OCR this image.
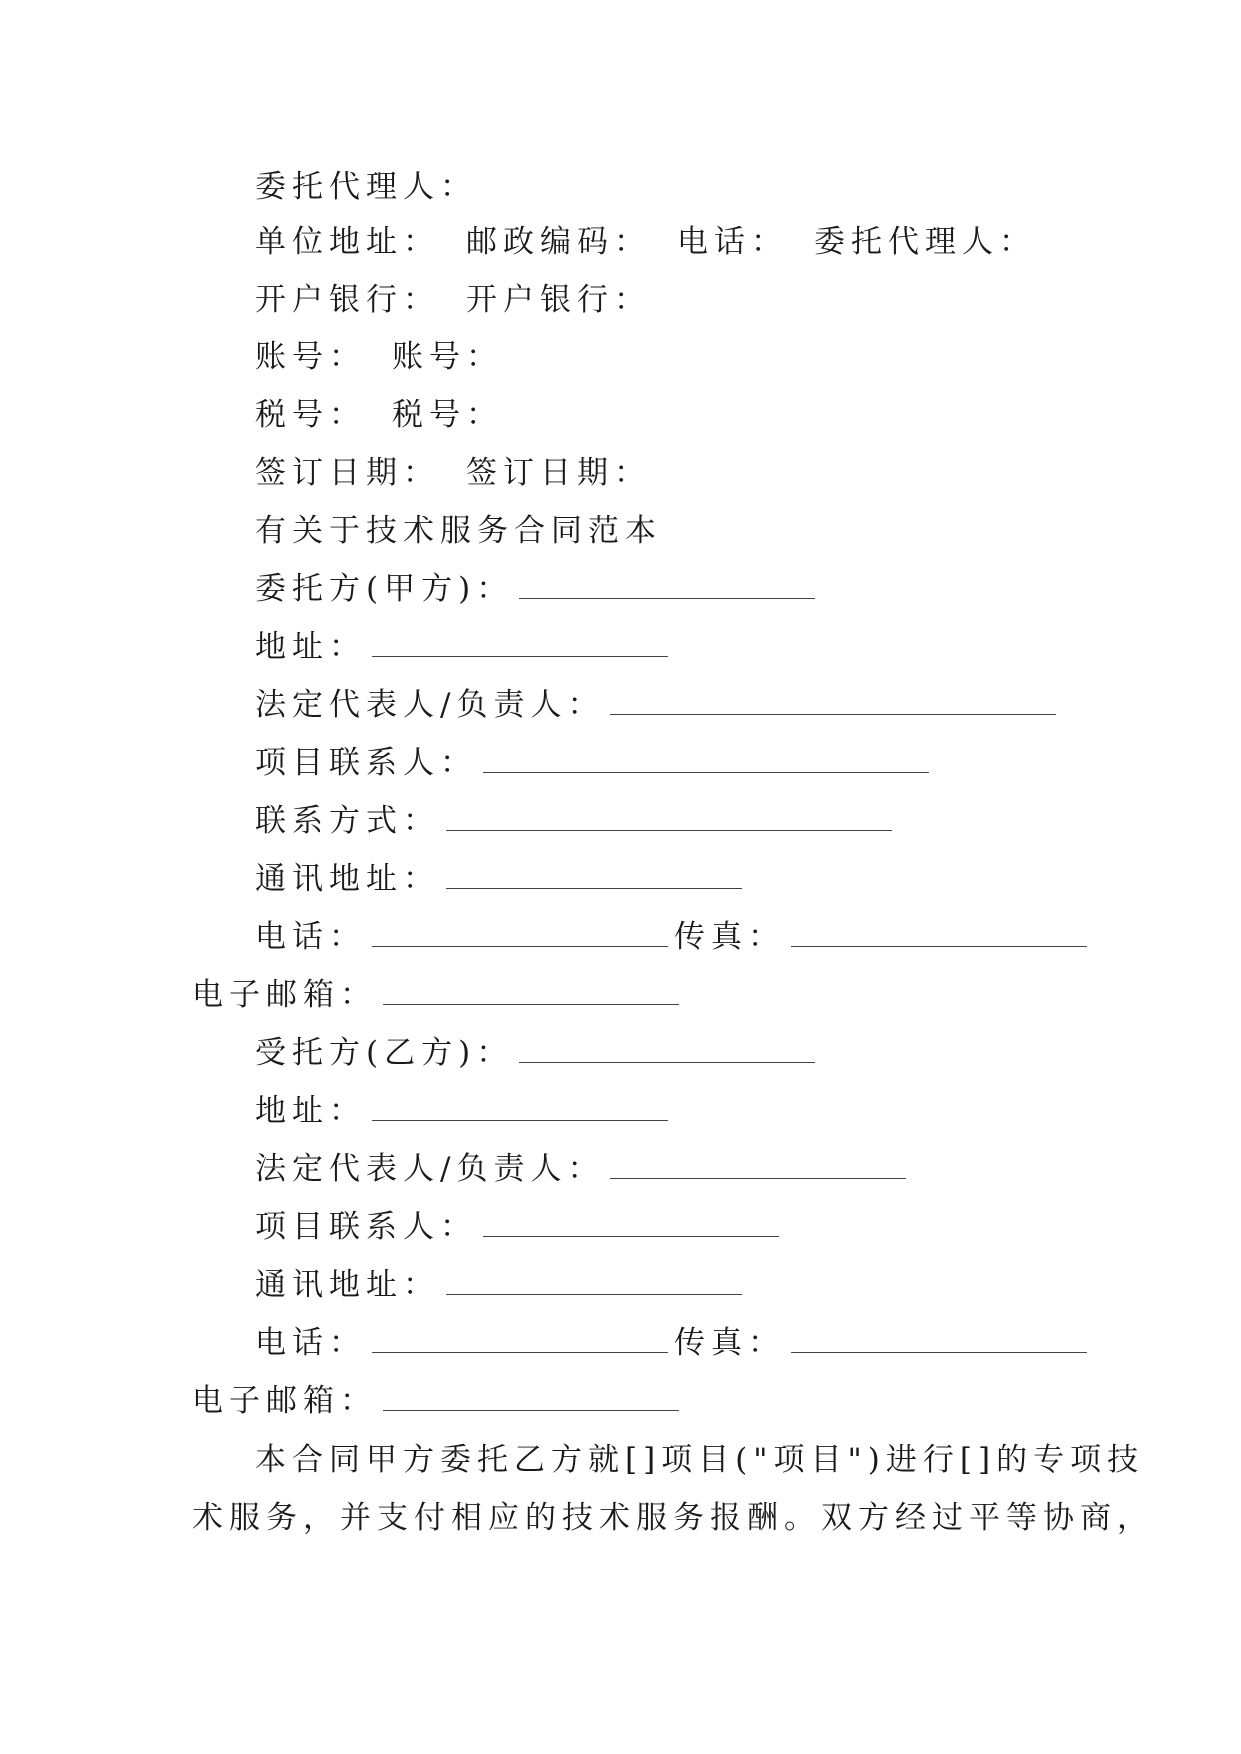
委托代理人：
单位地址： 邮政编码： 电话： 委托代理人：
开户银行： 开户银行：
账号： 账号：
税号： 税号：
签订日期： 签订日期：
有关于技术服务合同范本
委托方(甲方)：
地址：
法定代表人/负责人：
项目联系人：
联系方式：
通讯地址：
电话：	传真：
电子邮箱：
受托方(乙方)：
地址：
法定代表人/负责人：
项目联系人：
通讯地址：
电话：	传真：
电子邮箱：
本合同甲方委托乙方就[]项目("项目")进行[]的专项技
术服务，并支付相应的技术服务报酬。双方经过平等协商，
